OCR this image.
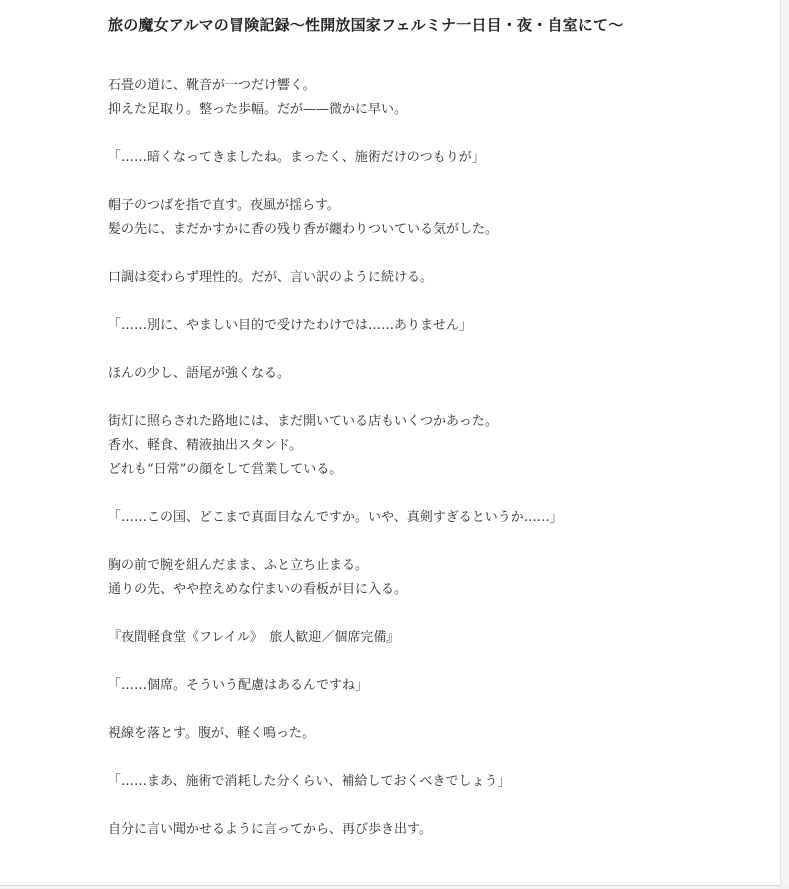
旅の魔女アルマの冒険記録〜性開放国家フェルミナ一日目・夜・自室にて〜
石畳の道に、靴音が一つだけ響く。
抑えた足取り。整った歩幅。だが——微かに早い。
「……暗くなってきましたね。まったく、施術だけのつもりが」
帽子のつばを指で直す。夜風が揺らす。
髪の先に、まだかすかに香の残り香が纏わりついている気がした。
口調は変わらず理性的。だが、言い訳のように続ける。
「……別に、やましい目的で受けたわけでは……ありません」
ほんの少し、語尾が強くなる。
街灯に照らされた路地には、まだ開いている店もいくつかあった。
香水、軽食、精液抽出スタンド。
どれも“日常”の顔をして営業している。
「……この国、どこまで真面目なんですか。いや、真剣すぎるというか……」
胸の前で腕を組んだまま、ふと立ち止まる。
通りの先、やや控えめな佇まいの看板が目に入る。
『夜間軽食堂《フレイル》　旅人歓迎／個席完備』
「……個席。そういう配慮はあるんですね」
視線を落とす。腹が、軽く鳴った。
「……まあ、施術で消耗した分くらい、補給しておくべきでしょう」
自分に言い聞かせるように言ってから、再び歩き出す。
